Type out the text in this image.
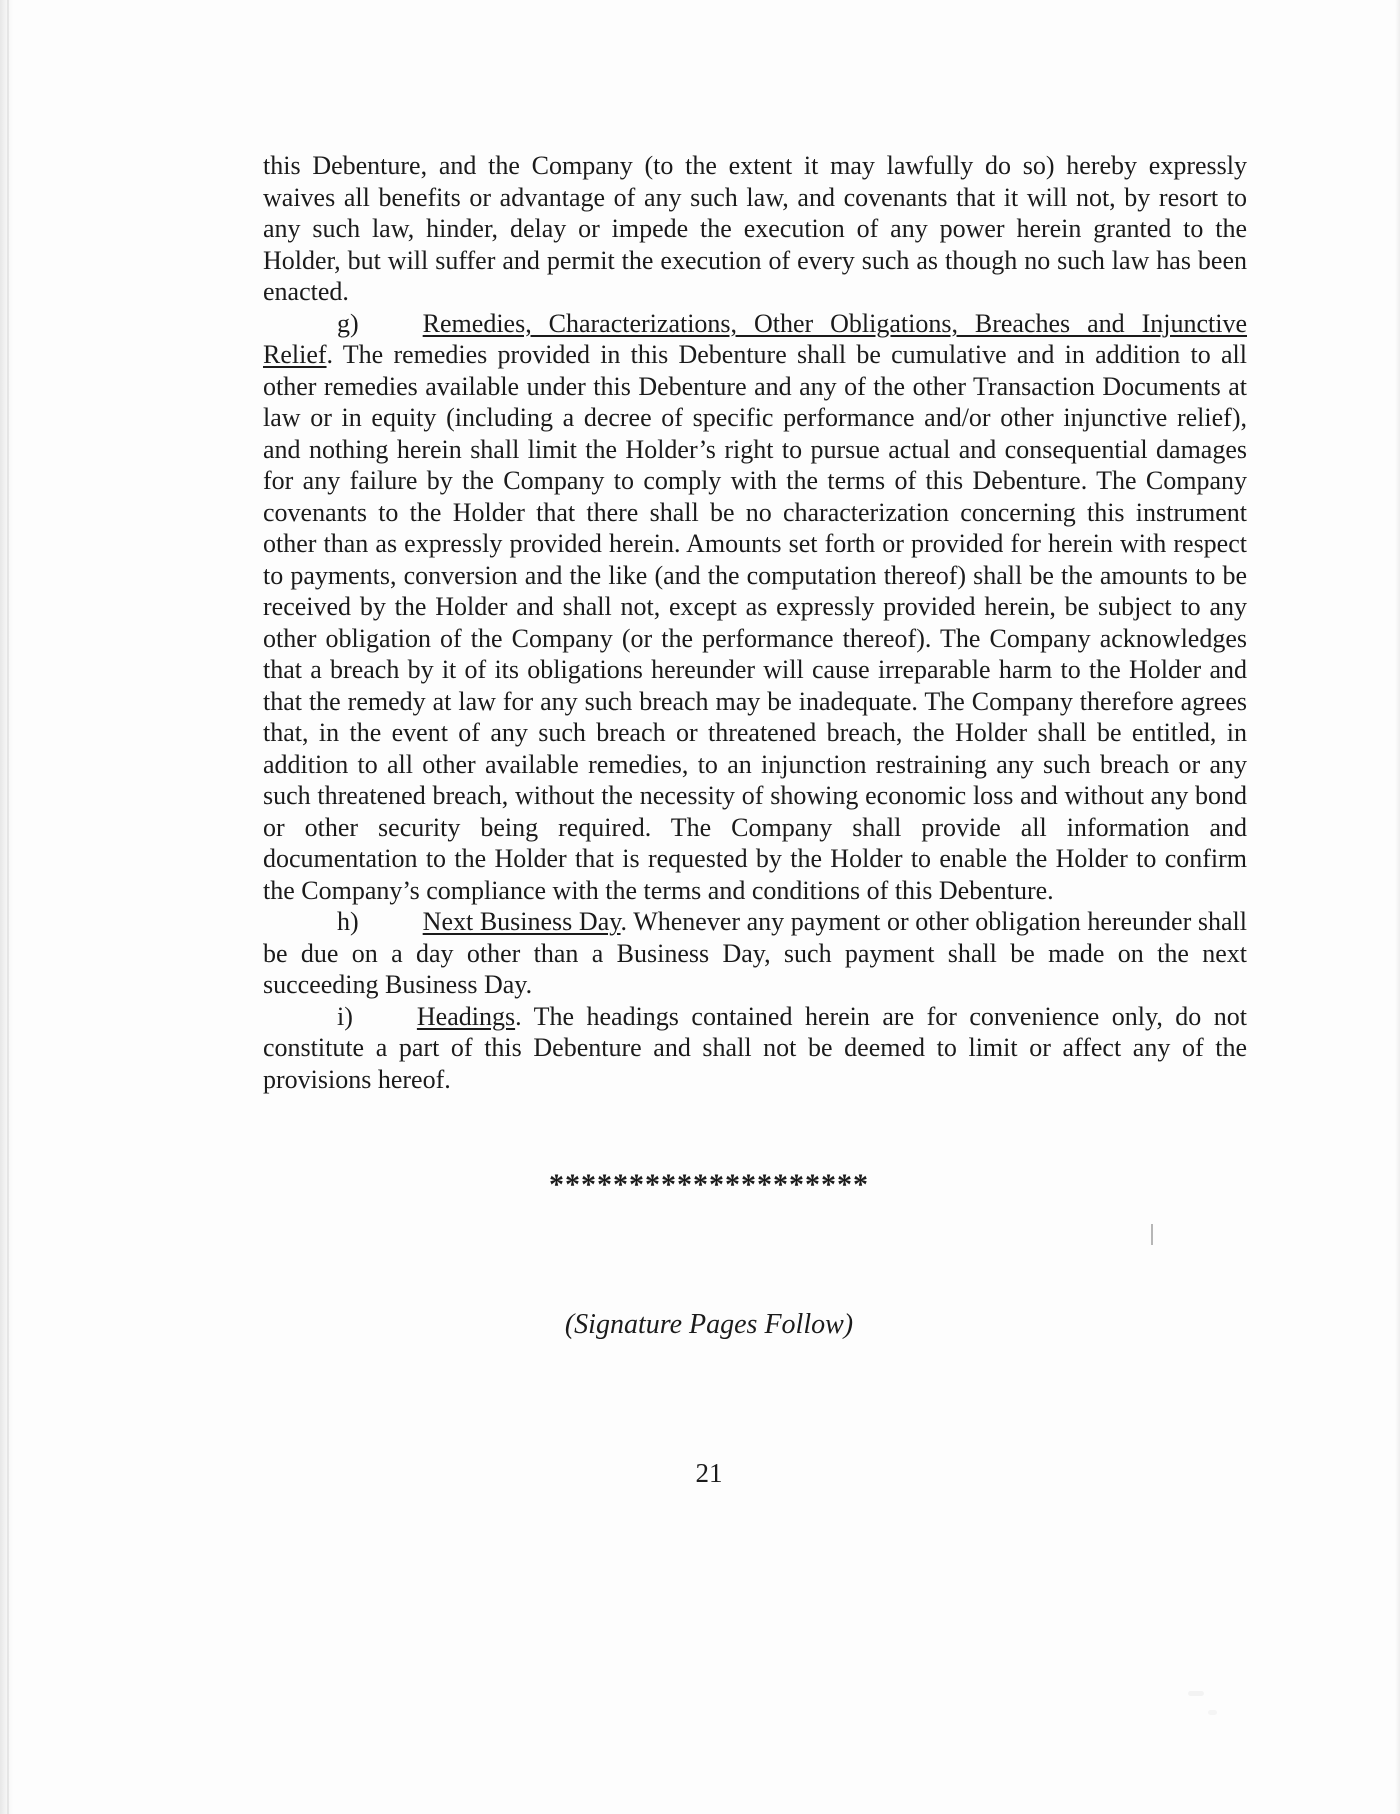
this Debenture, and the Company (to the extent it may lawfully do so) hereby expressly waives all benefits or advantage of any such law, and covenants that it will not, by resort to any such law, hinder, delay or impede the execution of any power herein granted to the Holder, but will suffer and permit the execution of every such as though no such law has been enacted.

g) Remedies, Characterizations, Other Obligations, Breaches and Injunctive Relief. The remedies provided in this Debenture shall be cumulative and in addition to all other remedies available under this Debenture and any of the other Transaction Documents at law or in equity (including a decree of specific performance and/or other injunctive relief), and nothing herein shall limit the Holder’s right to pursue actual and consequential damages for any failure by the Company to comply with the terms of this Debenture. The Company covenants to the Holder that there shall be no characterization concerning this instrument other than as expressly provided herein. Amounts set forth or provided for herein with respect to payments, conversion and the like (and the computation thereof) shall be the amounts to be received by the Holder and shall not, except as expressly provided herein, be subject to any other obligation of the Company (or the performance thereof). The Company acknowledges that a breach by it of its obligations hereunder will cause irreparable harm to the Holder and that the remedy at law for any such breach may be inadequate. The Company therefore agrees that, in the event of any such breach or threatened breach, the Holder shall be entitled, in addition to all other available remedies, to an injunction restraining any such breach or any such threatened breach, without the necessity of showing economic loss and without any bond or other security being required. The Company shall provide all information and documentation to the Holder that is requested by the Holder to enable the Holder to confirm the Company’s compliance with the terms and conditions of this Debenture.

h) Next Business Day. Whenever any payment or other obligation hereunder shall be due on a day other than a Business Day, such payment shall be made on the next succeeding Business Day.

i) Headings. The headings contained herein are for convenience only, do not constitute a part of this Debenture and shall not be deemed to limit or affect any of the provisions hereof.

********************
(Signature Pages Follow)
21
